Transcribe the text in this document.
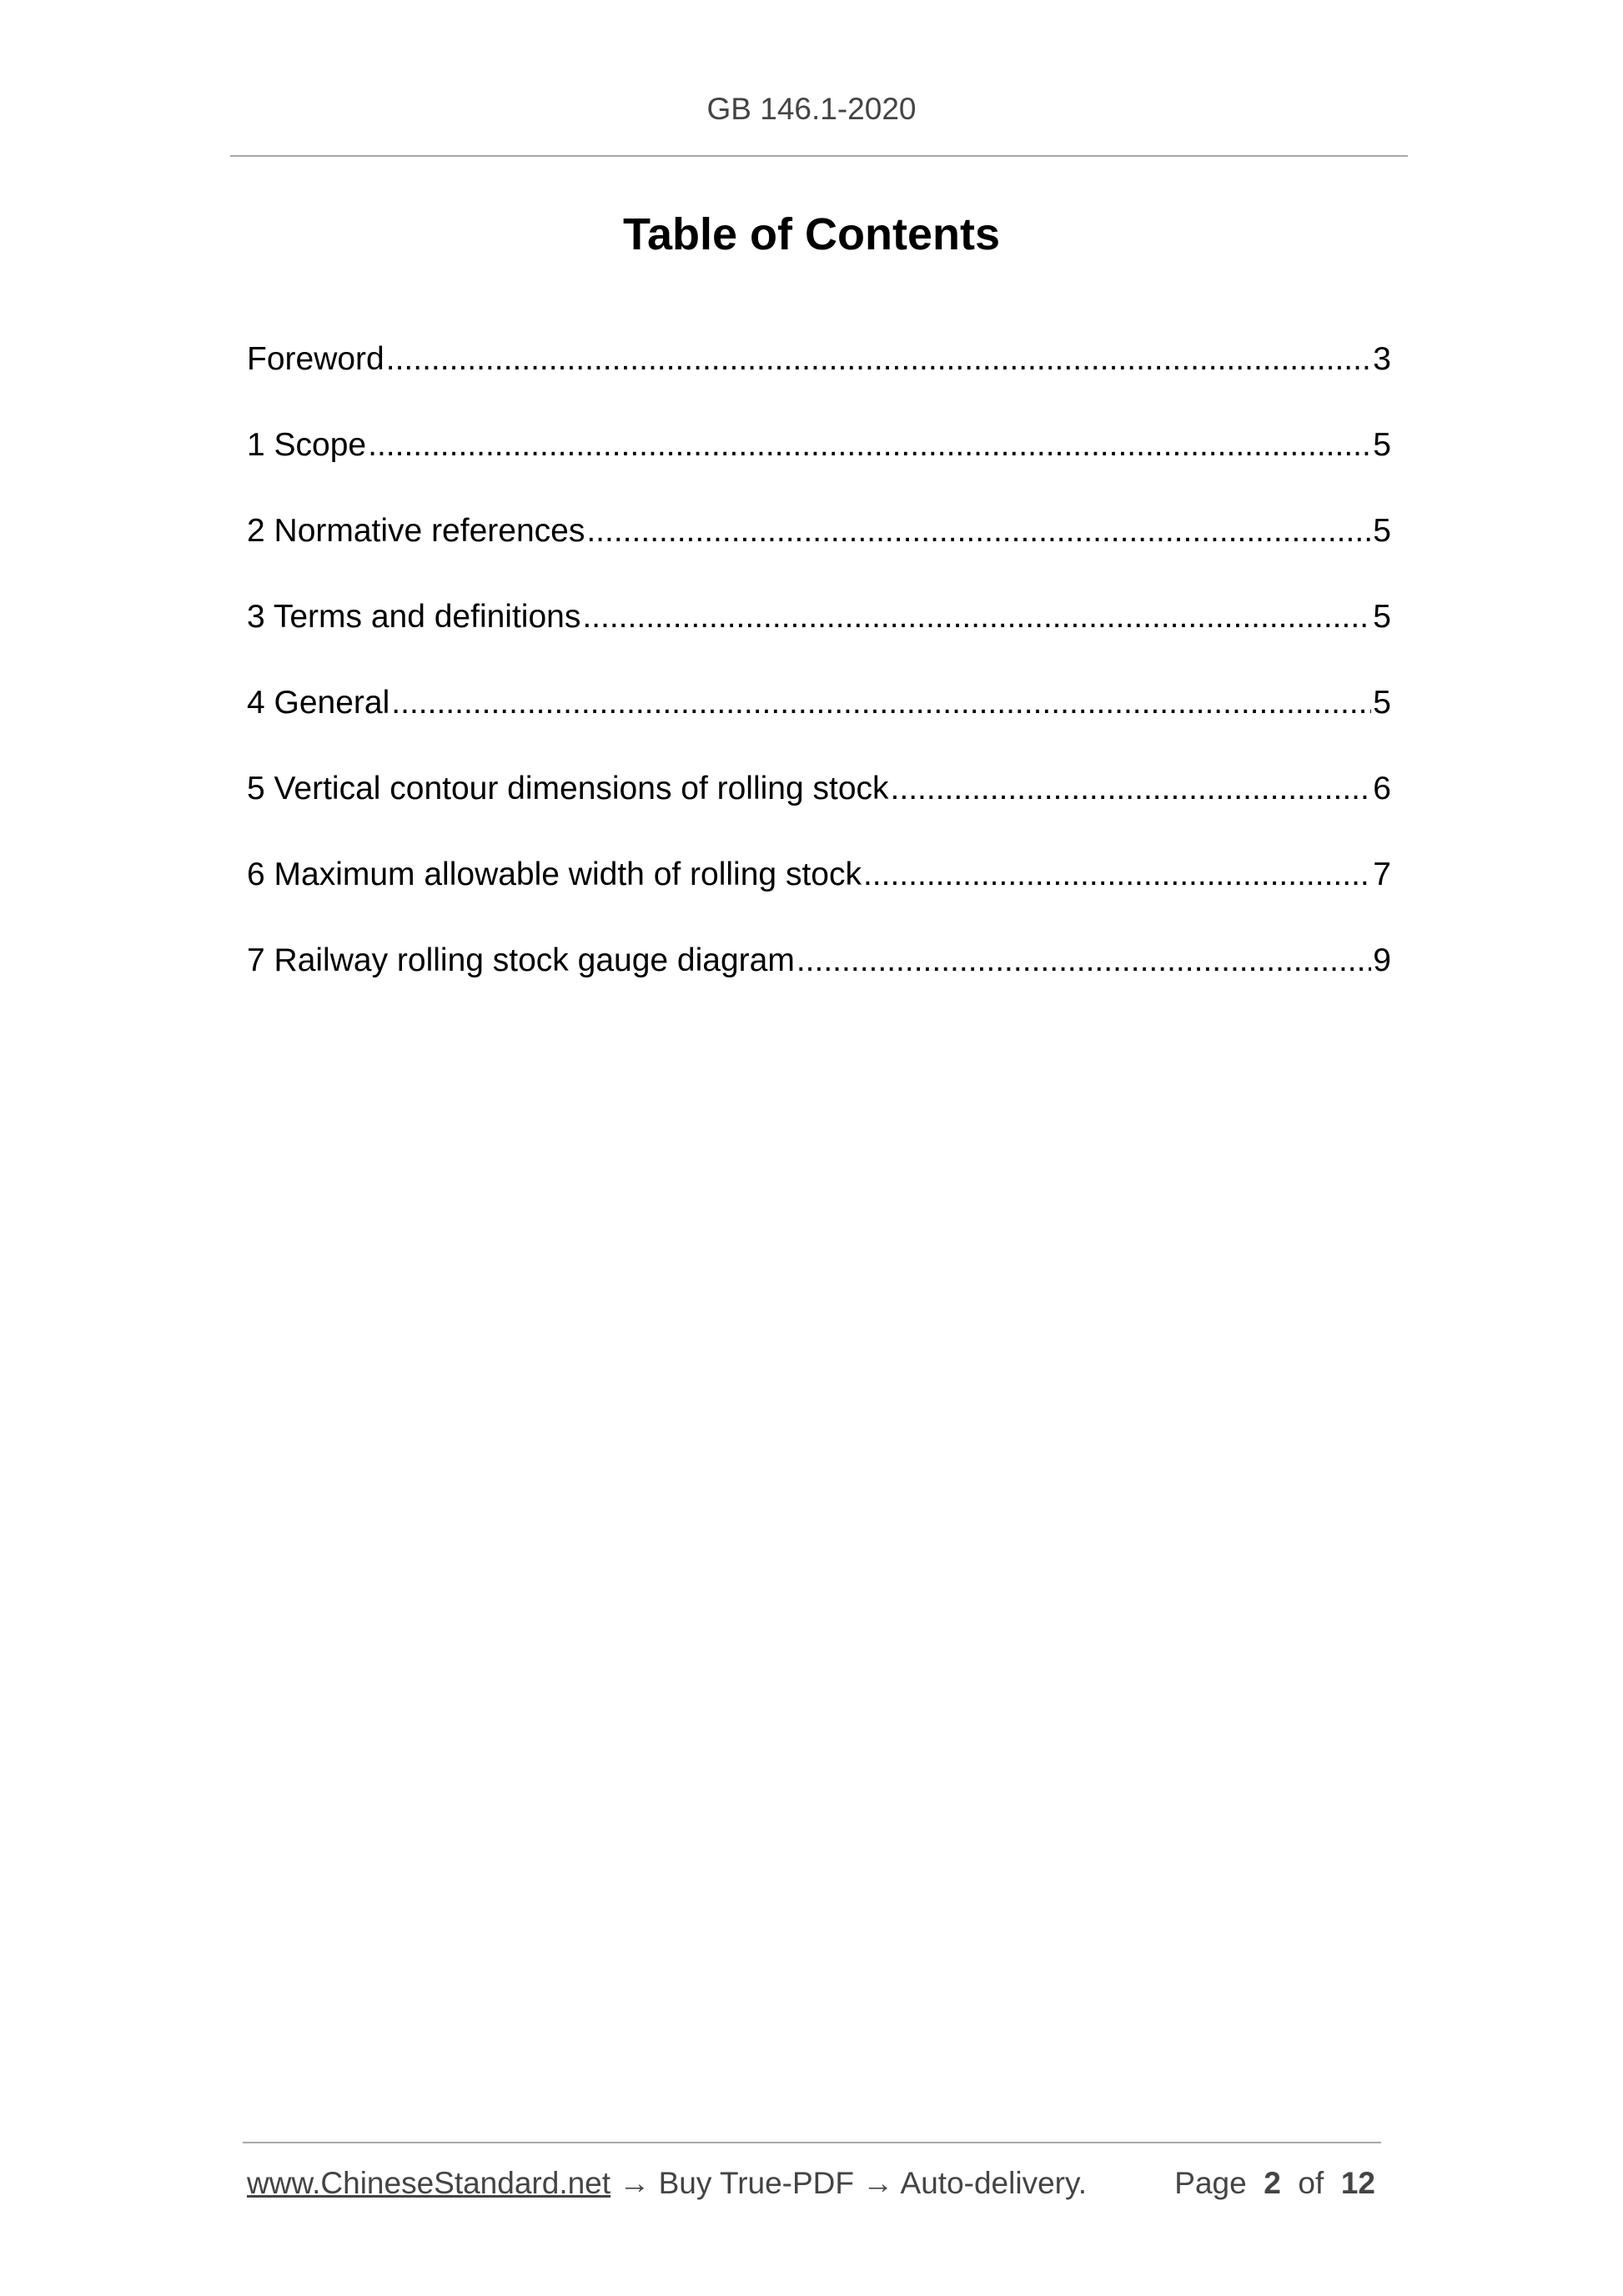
GB 146.1-2020
Table of Contents
Foreword .....	3
1 Scope .....	5
2 Normative references .....	5
3 Terms and definitions .....	5
4 General .....	5
5 Vertical contour dimensions of rolling stock .....	6
6 Maximum allowable width of rolling stock .....	7
7 Railway rolling stock gauge diagram .....	9
www.ChineseStandard.net → Buy True-PDF → Auto-delivery.	Page 2 of 12
